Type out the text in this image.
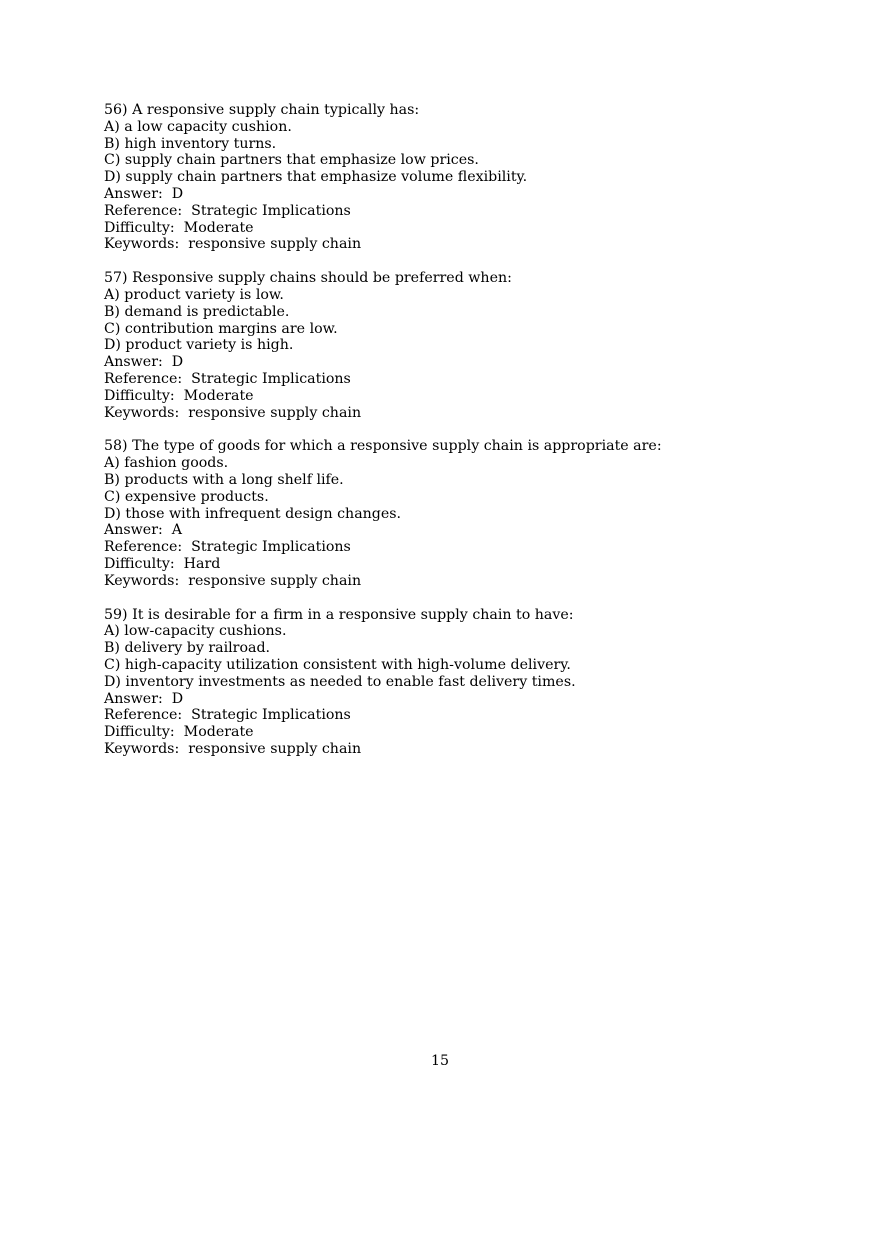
56) A responsive supply chain typically has:
A) a low capacity cushion.
B) high inventory turns.
C) supply chain partners that emphasize low prices.
D) supply chain partners that emphasize volume flexibility.
Answer:  D
Reference:  Strategic Implications
Difficulty:  Moderate
Keywords:  responsive supply chain
57) Responsive supply chains should be preferred when:
A) product variety is low.
B) demand is predictable.
C) contribution margins are low.
D) product variety is high.
Answer:  D
Reference:  Strategic Implications
Difficulty:  Moderate
Keywords:  responsive supply chain
58) The type of goods for which a responsive supply chain is appropriate are:
A) fashion goods.
B) products with a long shelf life.
C) expensive products.
D) those with infrequent design changes.
Answer:  A
Reference:  Strategic Implications
Difficulty:  Hard
Keywords:  responsive supply chain
59) It is desirable for a firm in a responsive supply chain to have:
A) low-capacity cushions.
B) delivery by railroad.
C) high-capacity utilization consistent with high-volume delivery.
D) inventory investments as needed to enable fast delivery times.
Answer:  D
Reference:  Strategic Implications
Difficulty:  Moderate
Keywords:  responsive supply chain
15
